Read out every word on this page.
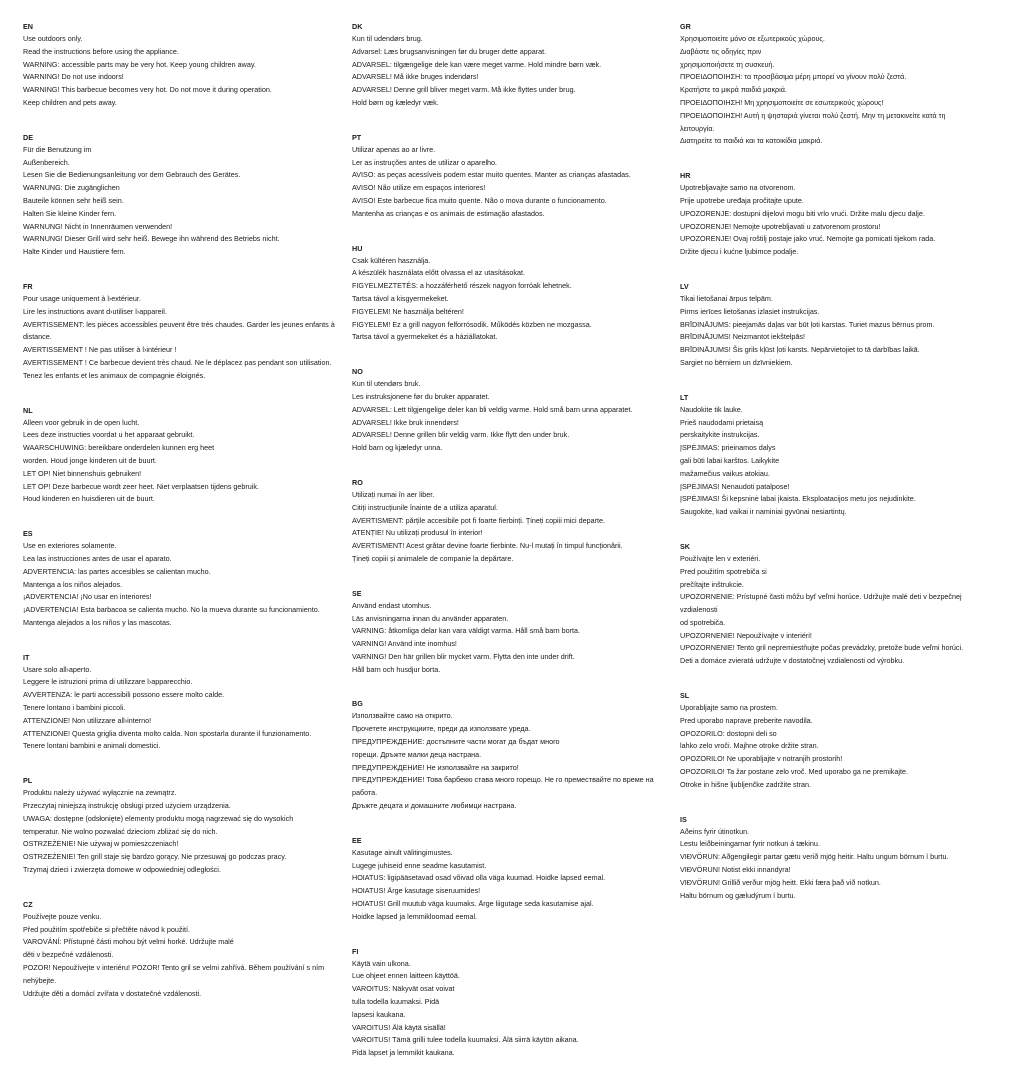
EN
Use outdoors only.
Read the instructions before using the appliance.
WARNING: accessible parts may be very hot. Keep young children away.
WARNING! Do not use indoors!
WARNING! This barbecue becomes very hot. Do not move it during operation.
Keep children and pets away.
DE
Für die Benutzung im
Außenbereich.
Lesen Sie die Bedienungsanleitung vor dem Gebrauch des Gerätes.
WARNUNG: Die zugänglichen
Bauteile können sehr heiß sein.
Halten Sie kleine Kinder fern.
WARNUNG! Nicht in Innenräumen verwenden!
WARNUNG! Dieser Grill wird sehr heiß. Bewege ihn während des Betriebs nicht.
Halte Kinder und Haustiere fern.
FR
Pour usage uniquement à l›extérieur.
Lire les instructions avant d›utiliser l›appareil.
AVERTISSEMENT: les pièces accessibles peuvent être très chaudes. Garder les jeunes enfants à
distance.
AVERTISSEMENT ! Ne pas utiliser à l›intérieur !
AVERTISSEMENT ! Ce barbecue devient très chaud. Ne le déplacez pas pendant son utilisation.
Tenez les enfants et les animaux de compagnie éloignés.
NL
Alleen voor gebruik in de open lucht.
Lees deze instructies voordat u het apparaat gebruikt.
WAARSCHUWING: bereikbare onderdelen kunnen erg heet
worden. Houd jonge kinderen uit de buurt.
LET OP! Niet binnenshuis gebruiken!
LET OP! Deze barbecue wordt zeer heet. Niet verplaatsen tijdens gebruik.
Houd kinderen en huisdieren uit de buurt.
ES
Use en exteriores solamente.
Lea las instrucciones antes de usar el aparato.
ADVERTENCIA: las partes accesibles se calientan mucho.
Mantenga a los niños alejados.
¡ADVERTENCIA! ¡No usar en interiores!
¡ADVERTENCIA! Esta barbacoa se calienta mucho. No la mueva durante su funcionamiento.
Mantenga alejados a los niños y las mascotas.
IT
Usare solo all›aperto.
Leggere le istruzioni prima di utilizzare l›apparecchio.
AVVERTENZA: le parti accessibili possono essere molto calde.
Tenere lontano i bambini piccoli.
ATTENZIONE! Non utilizzare all›interno!
ATTENZIONE! Questa griglia diventa molto calda. Non spostarla durante il funzionamento.
Tenere lontani bambini e animali domestici.
PL
Produktu należy używać wyłącznie na zewnątrz.
Przeczytaj niniejszą instrukcję obsługi przed użyciem urządzenia.
UWAGA: dostępne (odsłonięte) elementy produktu mogą nagrzewać się do wysokich
temperatur. Nie wolno pozwalać dzieciom zbliżać się do nich.
OSTRZEŻENIE! Nie używaj w pomieszczeniach!
OSTRZEŻENIE! Ten grill staje się bardzo gorący. Nie przesuwaj go podczas pracy.
Trzymaj dzieci i zwierzęta domowe w odpowiedniej odległości.
CZ
Používejte pouze venku.
Před použitím spotřebiče si přečtěte návod k použití.
VAROVÁNÍ: Přístupné části mohou být velmi horké. Udržujte malé
děti v bezpečné vzdálenosti.
POZOR! Nepoužívejte v interiéru! POZOR! Tento gril se velmi zahřívá. Během používání s ním
nehýbejte.
Udržujte děti a domácí zvířata v dostatečné vzdálenosti.
DK
Kun til udendørs brug.
Advarsel: Læs brugsanvisningen før du bruger dette apparat.
ADVARSEL: tilgængelige dele kan være meget varme. Hold mindre børn væk.
ADVARSEL! Må ikke bruges indendørs!
ADVARSEL! Denne grill bliver meget varm. Må ikke flyttes under brug.
Hold børn og kæledyr væk.
PT
Utilizar apenas ao ar livre.
Ler as instruções antes de utilizar o aparelho.
AVISO: as peças acessíveis podem estar muito quentes. Manter as crianças afastadas.
AVISO! Não utilize em espaços interiores!
AVISO! Este barbecue fica muito quente. Não o mova durante o funcionamento.
Mantenha as crianças e os animais de estimação afastados.
HU
Csak kültéren használja.
A készülék használata előtt olvassa el az utasításokat.
FIGYELMEZTETÉS: a hozzáférhető részek nagyon forróak lehetnek.
Tartsa távol a kisgyermekeket.
FIGYELEM! Ne használja beltéren!
FIGYELEM! Ez a grill nagyon felforrósodik. Működés közben ne mozgassa.
Tartsa távol a gyermekeket és a háziállatokat.
NO
Kun til utendørs bruk.
Les instruksjonene før du bruker apparatet.
ADVARSEL: Lett tilgjengelige deler kan bli veldig varme. Hold små barn unna apparatet.
ADVARSEL! Ikke bruk innendørs!
ADVARSEL! Denne grillen blir veldig varm. Ikke flytt den under bruk.
Hold barn og kjæledyr unna.
RO
Utilizați numai în aer liber.
Citiți instrucțiunile înainte de a utiliza aparatul.
AVERTISMENT: părțile accesibile pot fi foarte fierbinți. Țineți copiii mici departe.
ATENȚIE! Nu utilizați produsul în interior!
AVERTISMENT! Acest grătar devine foarte fierbinte. Nu-l mutați în timpul funcționării.
Țineți copiii și animalele de companie la depărtare.
SE
Använd endast utomhus.
Läs anvisningarna innan du använder apparaten.
VARNING: åtkomliga delar kan vara väldigt varma. Håll små barn borta.
VARNING! Använd inte inomhus!
VARNING! Den här grillen blir mycket varm. Flytta den inte under drift.
Håll barn och husdjur borta.
BG
Използвайте само на открито.
Прочетете инструкциите, преди да използвате уреда.
ПРЕДУПРЕЖДЕНИЕ: достъпните части могат да бъдат много
горещи. Дръжте малки деца настрана.
ПРЕДУПРЕЖДЕНИЕ! Не използвайте на закрито!
ПРЕДУПРЕЖДЕНИЕ! Това барбекю става много горещо. Не го премествайте по време на
работа.
Дръжте децата и домашните любимци настрана.
EE
Kasutage ainult välitingimustes.
Lugege juhiseid enne seadme kasutamist.
HOIATUS: ligipääsetavad osad võivad olla väga kuumad. Hoidke lapsed eemal.
HOIATUS! Ärge kasutage siseruumides!
HOIATUS! Grill muutub väga kuumaks. Ärge liigutage seda kasutamise ajal.
Hoidke lapsed ja lemmikloomad eemal.
FI
Käytä vain ulkona.
Lue ohjeet ennen laitteen käyttöä.
VAROITUS: Näkyvät osat voivat
tulla todella kuumaksi. Pidä
lapsesi kaukana.
VAROITUS! Älä käytä sisällä!
VAROITUS! Tämä grilli tulee todella kuumaksi. Älä siirrä käytön aikana.
Pidä lapset ja lemmikit kaukana.
GR
Χρησιμοποιείτε μόνο σε εξωτερικούς χώρους.
Διαβάστε τις οδηγίες πριν
χρησιμοποιήσετε τη συσκευή.
ΠΡΟΕΙΔΟΠΟΙΗΣΗ: τα προσβάσιμα μέρη μπορεί να γίνουν πολύ ζεστά.
Κρατήστε τα μικρά παιδιά μακριά.
ΠΡΟΕΙΔΟΠΟΙΗΣΗ! Μη χρησιμοποιείτε σε εσωτερικούς χώρους!
ΠΡΟΕΙΔΟΠΟΙΗΣΗ! Αυτή η ψησταριά γίνεται πολύ ζεστή. Μην τη μετακινείτε κατά τη
λειτουργία.
Διατηρείτε τα παιδιά και τα κατοικίδια μακριά.
HR
Upotrebljavajte samo na otvorenom.
Prije upotrebe uređaja pročitajte upute.
UPOZORENJE: dostupni dijelovi mogu biti vrlo vrući. Držite malu djecu dalje.
UPOZORENJE! Nemojte upotrebljavati u zatvorenom prostoru!
UPOZORENJE! Ovaj roštilj postaje jako vruć. Nemojte ga pomicati tijekom rada.
Držite djecu i kućne ljubimce podalje.
LV
Tikai lietošanai ārpus telpām.
Pirms ierīces lietošanas izlasiet instrukcijas.
BRĪDINĀJUMS: pieejamās daļas var būt ļoti karstas. Turiet mazus bērnus prom.
BRĪDINĀJUMS! Neizmantot iekštelpās!
BRĪDINĀJUMS! Šis grils kļūst ļoti karsts. Nepārvietojiet to tā darbības laikā.
Sargiet no bērniem un dzīvniekiem.
LT
Naudokite tik lauke.
Prieš naudodami prietaisą
perskaitykite instrukcijas.
ĮSPĖJIMAS: prieinamos dalys
gali būti labai karštos. Laikykite
mažamečius vaikus atokiau.
ĮSPĖJIMAS! Nenaudoti patalpose!
ĮSPĖJIMAS! Ši kepsninė labai įkaista. Eksploatacijos metu jos nejudinkite.
Saugokite, kad vaikai ir naminiai gyvūnai nesiartintų.
SK
Používajte len v exteriéri.
Pred použitím spotrebiča si
prečítajte inštrukcie.
UPOZORNENIE: Prístupné časti môžu byť veľmi horúce. Udržujte malé deti v bezpečnej
vzdialenosti
od spotrebiča.
UPOZORNENIE! Nepoužívajte v interiéri!
UPOZORNENIE! Tento gril nepremiestňujte počas prevádzky, pretože bude veľmi horúci.
Deti a domáce zvieratá udržujte v dostatočnej vzdialenosti od výrobku.
SL
Uporabljajte samo na prostem.
Pred uporabo naprave preberite navodila.
OPOZORILO: dostopni deli so
lahko zelo vroči. Majhne otroke držite stran.
OPOZORILO! Ne uporabljajte v notranjih prostorih!
OPOZORILO! Ta žar postane zelo vroč. Med uporabo ga ne premikajte.
Otroke in hišne ljubljenčke zadržite stran.
IS
Aðeins fyrir útinotkun.
Lestu leiðbeiningarnar fyrir notkun á tækinu.
VIÐVÖRUN: Aðgengilegir partar gætu verið mjög heitir. Haltu ungum börnum í burtu.
VIÐVÖRUN! Notist ekki innandyra!
VIÐVÖRUN! Grillið verður mjög heitt. Ekki færa það við notkun.
Haltu börnum og gæludýrum í burtu.
